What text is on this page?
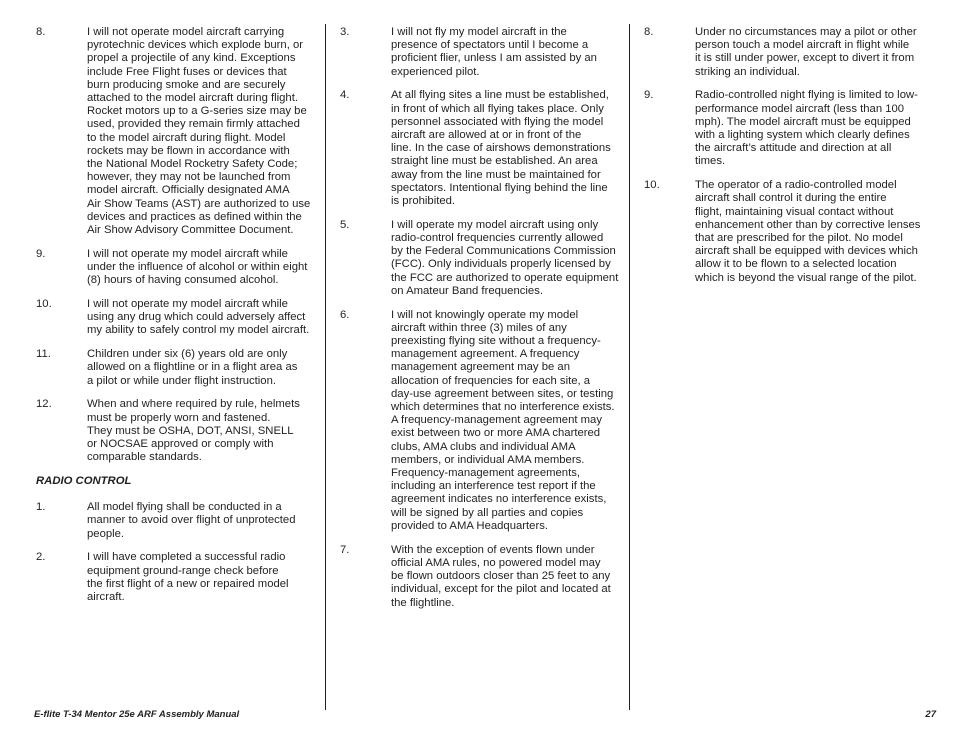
8.	I will not operate model aircraft carrying
pyrotechnic devices which explode burn, or
propel a projectile of any kind. Exceptions
include Free Flight fuses or devices that
burn producing smoke and are securely
attached to the model aircraft during flight.
Rocket motors up to a G-series size may be
used, provided they remain firmly attached
to the model aircraft during flight. Model
rockets may be flown in accordance with
the National Model Rocketry Safety Code;
however, they may not be launched from
model aircraft. Officially designated AMA
Air Show Teams (AST) are authorized to use
devices and practices as defined within the
Air Show Advisory Committee Document.
9.	I will not operate my model aircraft while
under the influence of alcohol or within eight
(8) hours of having consumed alcohol.
10.	I will not operate my model aircraft while
using any drug which could adversely affect
my ability to safely control my model aircraft.
11.	Children under six (6) years old are only
allowed on a flightline or in a flight area as
a pilot or while under flight instruction.
12.	When and where required by rule, helmets
must be properly worn and fastened.
They must be OSHA, DOT, ANSI, SNELL
or NOCSAE approved or comply with
comparable standards.
RADIO CONTROL
1.	All model flying shall be conducted in a
manner to avoid over flight of unprotected
people.
2.	I will have completed a successful radio
equipment ground-range check before
the first flight of a new or repaired model
aircraft.
3.	I will not fly my model aircraft in the
presence of spectators until I become a
proficient flier, unless I am assisted by an
experienced pilot.
4.	At all flying sites a line must be established,
in front of which all flying takes place. Only
personnel associated with flying the model
aircraft are allowed at or in front of the
line. In the case of airshows demonstrations
straight line must be established. An area
away from the line must be maintained for
spectators. Intentional flying behind the line
is prohibited.
5.	I will operate my model aircraft using only
radio-control frequencies currently allowed
by the Federal Communications Commission
(FCC). Only individuals properly licensed by
the FCC are authorized to operate equipment
on Amateur Band frequencies.
6.	I will not knowingly operate my model
aircraft within three (3) miles of any
preexisting flying site without a frequency-
management agreement. A frequency
management agreement may be an
allocation of frequencies for each site, a
day-use agreement between sites, or testing
which determines that no interference exists.
A frequency-management agreement may
exist between two or more AMA chartered
clubs, AMA clubs and individual AMA
members, or individual AMA members.
Frequency-management agreements,
including an interference test report if the
agreement indicates no interference exists,
will be signed by all parties and copies
provided to AMA Headquarters.
7.	With the exception of events flown under
official AMA rules, no powered model may
be flown outdoors closer than 25 feet to any
individual, except for the pilot and located at
the flightline.
8.	Under no circumstances may a pilot or other
person touch a model aircraft in flight while
it is still under power, except to divert it from
striking an individual.
9.	Radio-controlled night flying is limited to low-
performance model aircraft (less than 100
mph). The model aircraft must be equipped
with a lighting system which clearly defines
the aircraft’s attitude and direction at all
times.
10.	The operator of a radio-controlled model
aircraft shall control it during the entire
flight, maintaining visual contact without
enhancement other than by corrective lenses
that are prescribed for the pilot. No model
aircraft shall be equipped with devices which
allow it to be flown to a selected location
which is beyond the visual range of the pilot.
E-flite T-34 Mentor 25e ARF Assembly Manual	27
